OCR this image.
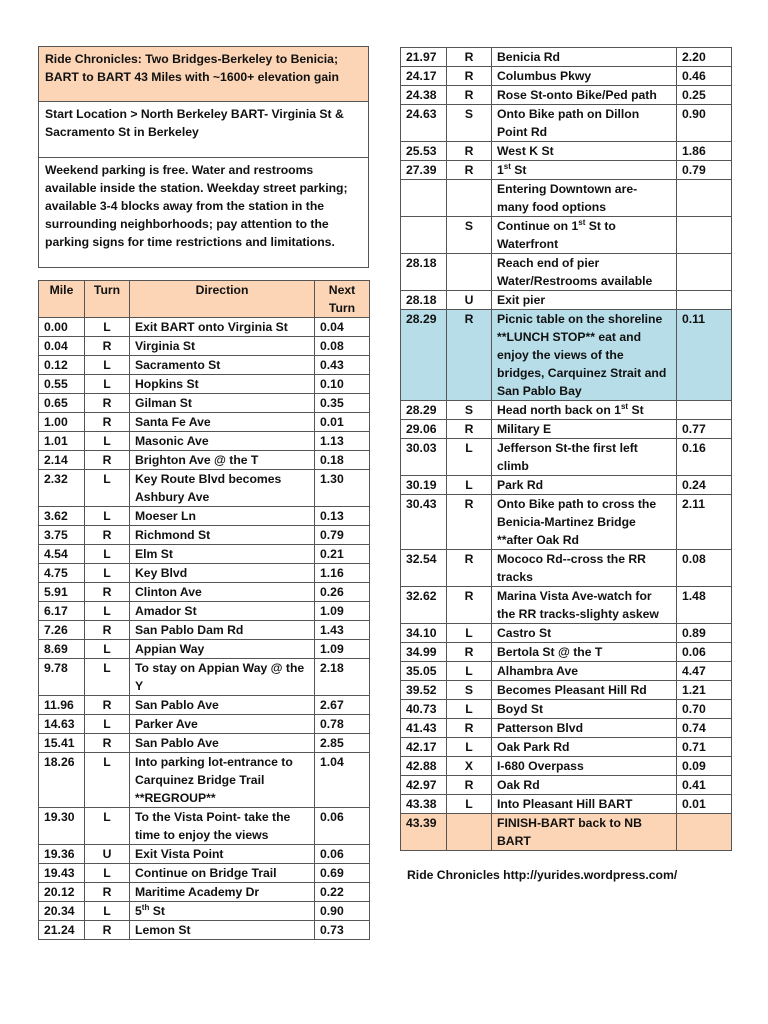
Ride Chronicles: Two Bridges-Berkeley to Benicia; BART to BART 43 Miles with ~1600+ elevation gain
Start Location > North Berkeley BART- Virginia St & Sacramento St in Berkeley
Weekend parking is free. Water and restrooms available inside the station. Weekday street parking; available 3-4 blocks away from the station in the surrounding neighborhoods; pay attention to the parking signs for time restrictions and limitations.
Mile	Turn	Direction	Next Turn
0.00	L	Exit BART onto Virginia St	0.04
0.04	R	Virginia St	0.08
0.12	L	Sacramento St	0.43
0.55	L	Hopkins St	0.10
0.65	R	Gilman St	0.35
1.00	R	Santa Fe Ave	0.01
1.01	L	Masonic Ave	1.13
2.14	R	Brighton Ave @ the T	0.18
2.32	L	Key Route Blvd becomes Ashbury Ave	1.30
3.62	L	Moeser Ln	0.13
3.75	R	Richmond St	0.79
4.54	L	Elm St	0.21
4.75	L	Key Blvd	1.16
5.91	R	Clinton Ave	0.26
6.17	L	Amador St	1.09
7.26	R	San Pablo Dam Rd	1.43
8.69	L	Appian Way	1.09
9.78	L	To stay on Appian Way @ the Y	2.18
11.96	R	San Pablo Ave	2.67
14.63	L	Parker Ave	0.78
15.41	R	San Pablo Ave	2.85
18.26	L	Into parking lot-entrance to Carquinez Bridge Trail **REGROUP**	1.04
19.30	L	To the Vista Point- take the time to enjoy the views	0.06
19.36	U	Exit Vista Point	0.06
19.43	L	Continue on Bridge Trail	0.69
20.12	R	Maritime Academy Dr	0.22
20.34	L	5th St	0.90
21.24	R	Lemon St	0.73
21.97	R	Benicia Rd	2.20
24.17	R	Columbus Pkwy	0.46
24.38	R	Rose St-onto Bike/Ped path	0.25
24.63	S	Onto Bike path on Dillon Point Rd	0.90
25.53	R	West K St	1.86
27.39	R	1st St	0.79
		Entering Downtown are- many food options	
	S	Continue on 1st St to Waterfront	
28.18		Reach end of pier Water/Restrooms available	
28.18	U	Exit pier	
28.29	R	Picnic table on the shoreline **LUNCH STOP** eat and enjoy the views of the bridges, Carquinez Strait and San Pablo Bay	0.11
28.29	S	Head north back on 1st St	
29.06	R	Military E	0.77
30.03	L	Jefferson St-the first left climb	0.16
30.19	L	Park Rd	0.24
30.43	R	Onto Bike path to cross the Benicia-Martinez Bridge **after Oak Rd	2.11
32.54	R	Mococo Rd--cross the RR tracks	0.08
32.62	R	Marina Vista Ave-watch for the RR tracks-slighty askew	1.48
34.10	L	Castro St	0.89
34.99	R	Bertola St @ the T	0.06
35.05	L	Alhambra Ave	4.47
39.52	S	Becomes Pleasant Hill Rd	1.21
40.73	L	Boyd St	0.70
41.43	R	Patterson Blvd	0.74
42.17	L	Oak Park Rd	0.71
42.88	X	I-680 Overpass	0.09
42.97	R	Oak Rd	0.41
43.38	L	Into Pleasant Hill BART	0.01
43.39		FINISH-BART back to NB BART	
Ride Chronicles http://yurides.wordpress.com/
